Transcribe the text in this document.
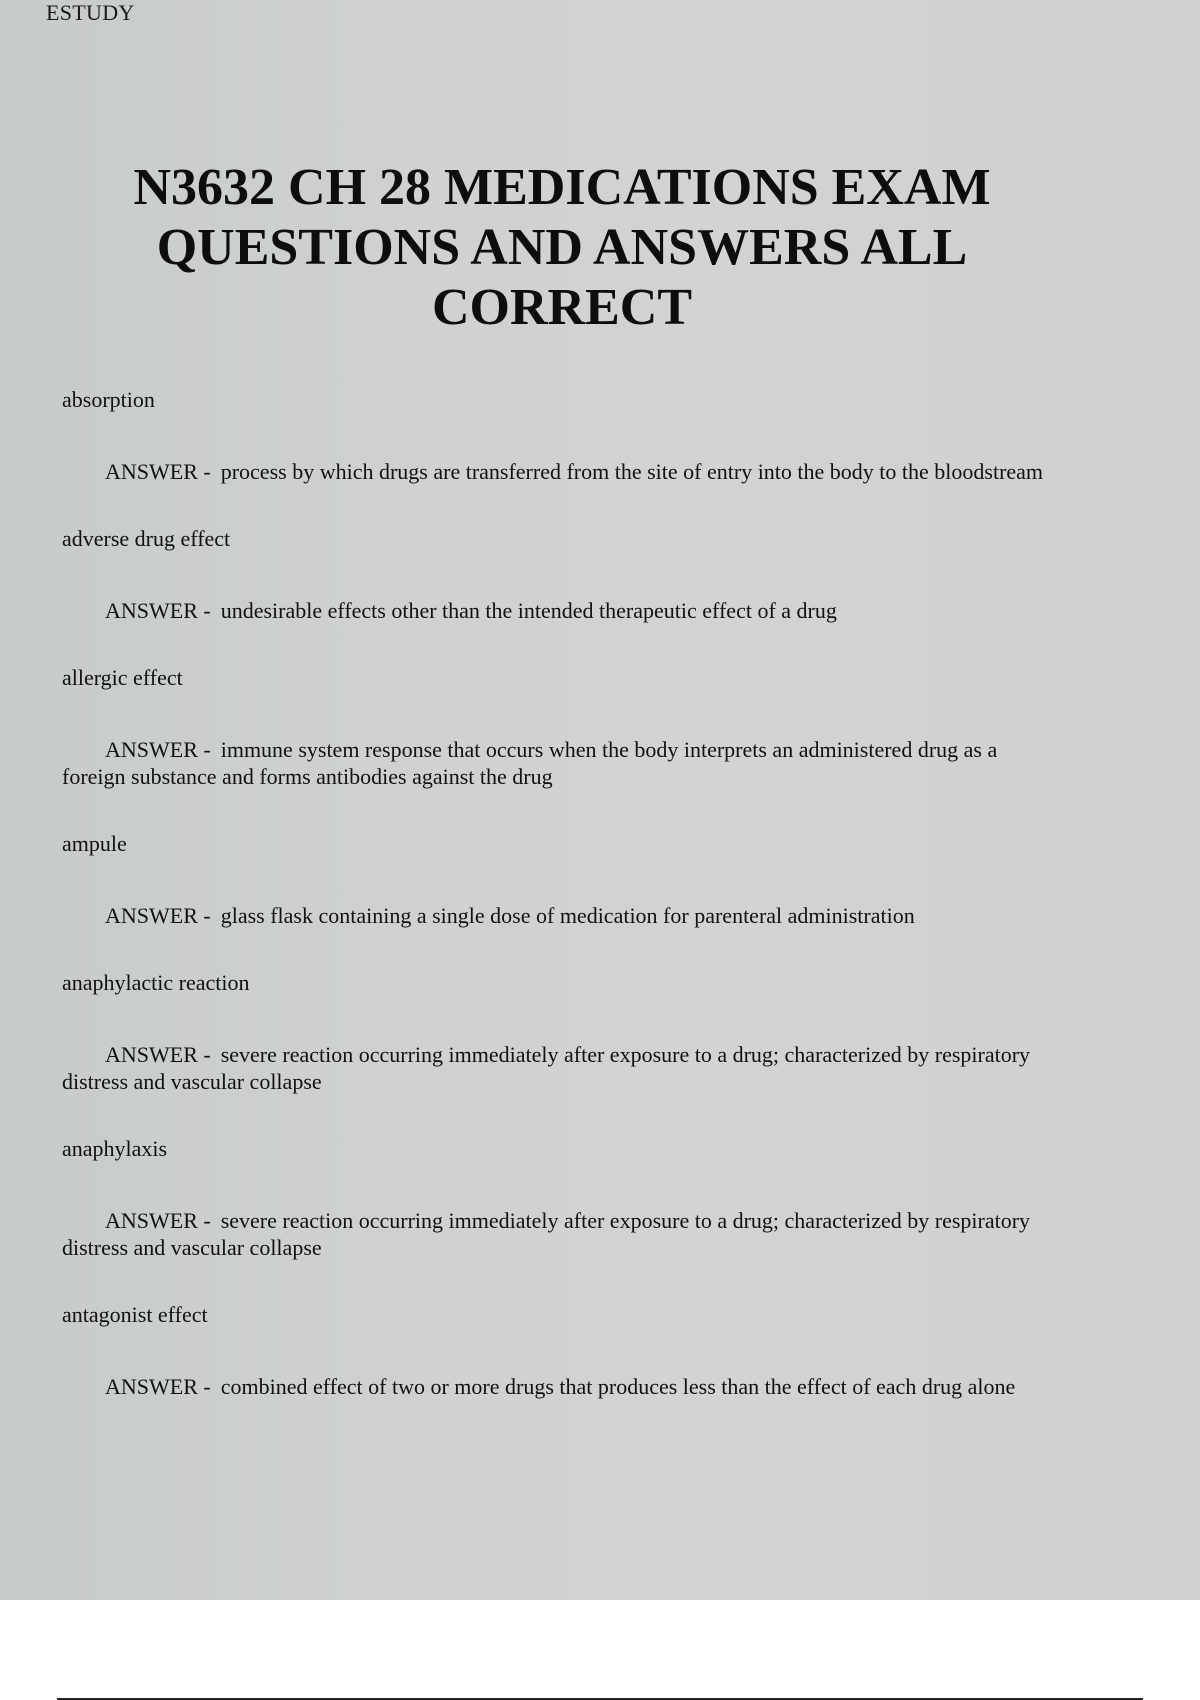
ESTUDY
N3632 CH 28 MEDICATIONS EXAM QUESTIONS AND ANSWERS ALL CORRECT

absorption

ANSWER - process by which drugs are transferred from the site of entry into the body to the bloodstream

adverse drug effect

ANSWER - undesirable effects other than the intended therapeutic effect of a drug

allergic effect

ANSWER - immune system response that occurs when the body interprets an administered drug as a foreign substance and forms antibodies against the drug

ampule

ANSWER - glass flask containing a single dose of medication for parenteral administration

anaphylactic reaction

ANSWER - severe reaction occurring immediately after exposure to a drug; characterized by respiratory distress and vascular collapse

anaphylaxis

ANSWER - severe reaction occurring immediately after exposure to a drug; characterized by respiratory distress and vascular collapse

antagonist effect

ANSWER - combined effect of two or more drugs that produces less than the effect of each drug alone
